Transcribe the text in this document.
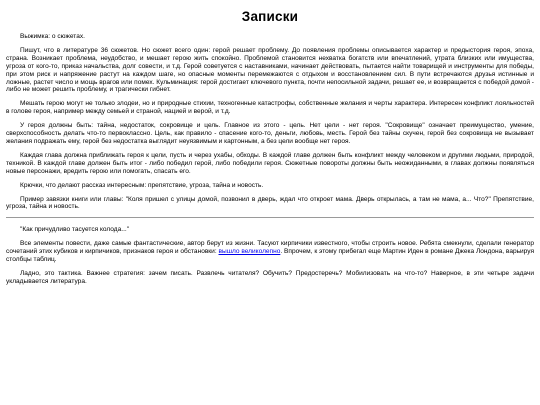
Записки

Выжимка: о сюжетах.

Пишут, что в литературе 36 сюжетов. Но сюжет всего один: герой решает проблему. До появления проблемы описывается характер и предыстория героя, эпоха, страна. Возникает проблема, неудобство, и мешает герою жить спокойно. Проблемой становится нехватка богатств или впечатлений, утрата близких или имущества, угроза от кого-то, приказ начальства, долг совести, и т.д. Герой советуется с наставниками, начинает действовать, пытается найти товарищей и инструменты для победы, при этом риск и напряжение растут на каждом шаге, но опасные моменты перемежаются с отдыхом и восстановлением сил. В пути встречаются друзья истинные и ложные, растет число и мощь врагов или помех. Кульминация: герой достигает ключевого пункта, почти непосильной задачи, решает ее, и возвращается с победой домой - либо не может решить проблему, и трагически гибнет.

Мешать герою могут не только злодеи, но и природные стихии, техногенные катастрофы, собственные желания и черты характера. Интересен конфликт лояльностей в голове героя, например между семьей и страной, нацией и верой, и т.д.

У героя должны быть: тайна, недостаток, сокровище и цель. Главное из этого - цель. Нет цели - нет героя. "Сокровище" означает преимущество, умение, сверхспособность делать что-то первоклассно. Цель, как правило - спасение кого-то, деньги, любовь, месть. Герой без тайны скучен, герой без сокровища не вызывает желания подражать ему, герой без недостатка выглядит неуязвимым и картонным, а без цели вообще нет героя.

Каждая глава должна приближать героя к цели, пусть и через ухабы, обходы. В каждой главе должен быть конфликт между человеком и другими людьми, природой, техникой. В каждой главе должен быть итог - либо победил герой, либо победили героя. Сюжетные повороты должны быть неожиданными, в главах должны появляться новые персонажи, вредить герою или помогать, спасать его.

Крючки, что делают рассказ интересным: препятствие, угроза, тайна и новость.

Пример завязки книги или главы: "Коля пришел с улицы домой, позвонил в дверь, ждал что откроет мама. Дверь открылась, а там не мама, а... Что?" Препятствие, угроза, тайна и новость.

"Как причудливо тасуется колода..."

Все элементы повести, даже самые фантастические, автор берут из жизни. Тасуют кирпичики известного, чтобы строить новое. Ребята смекнули, сделали генератор сочетаний этих кубиков и кирпичиков, признаков героя и обстановки: вышло великолепно. Впрочем, к этому прибегал еще Мартин Иден в романе Джека Лондона, варьируя столбцы таблиц.

Ладно, это тактика. Важнее стратегия: зачем писать. Развлечь читателя? Обучить? Предостеречь? Мобилизовать на что-то? Наверное, в эти четыре задачи укладывается литература.
